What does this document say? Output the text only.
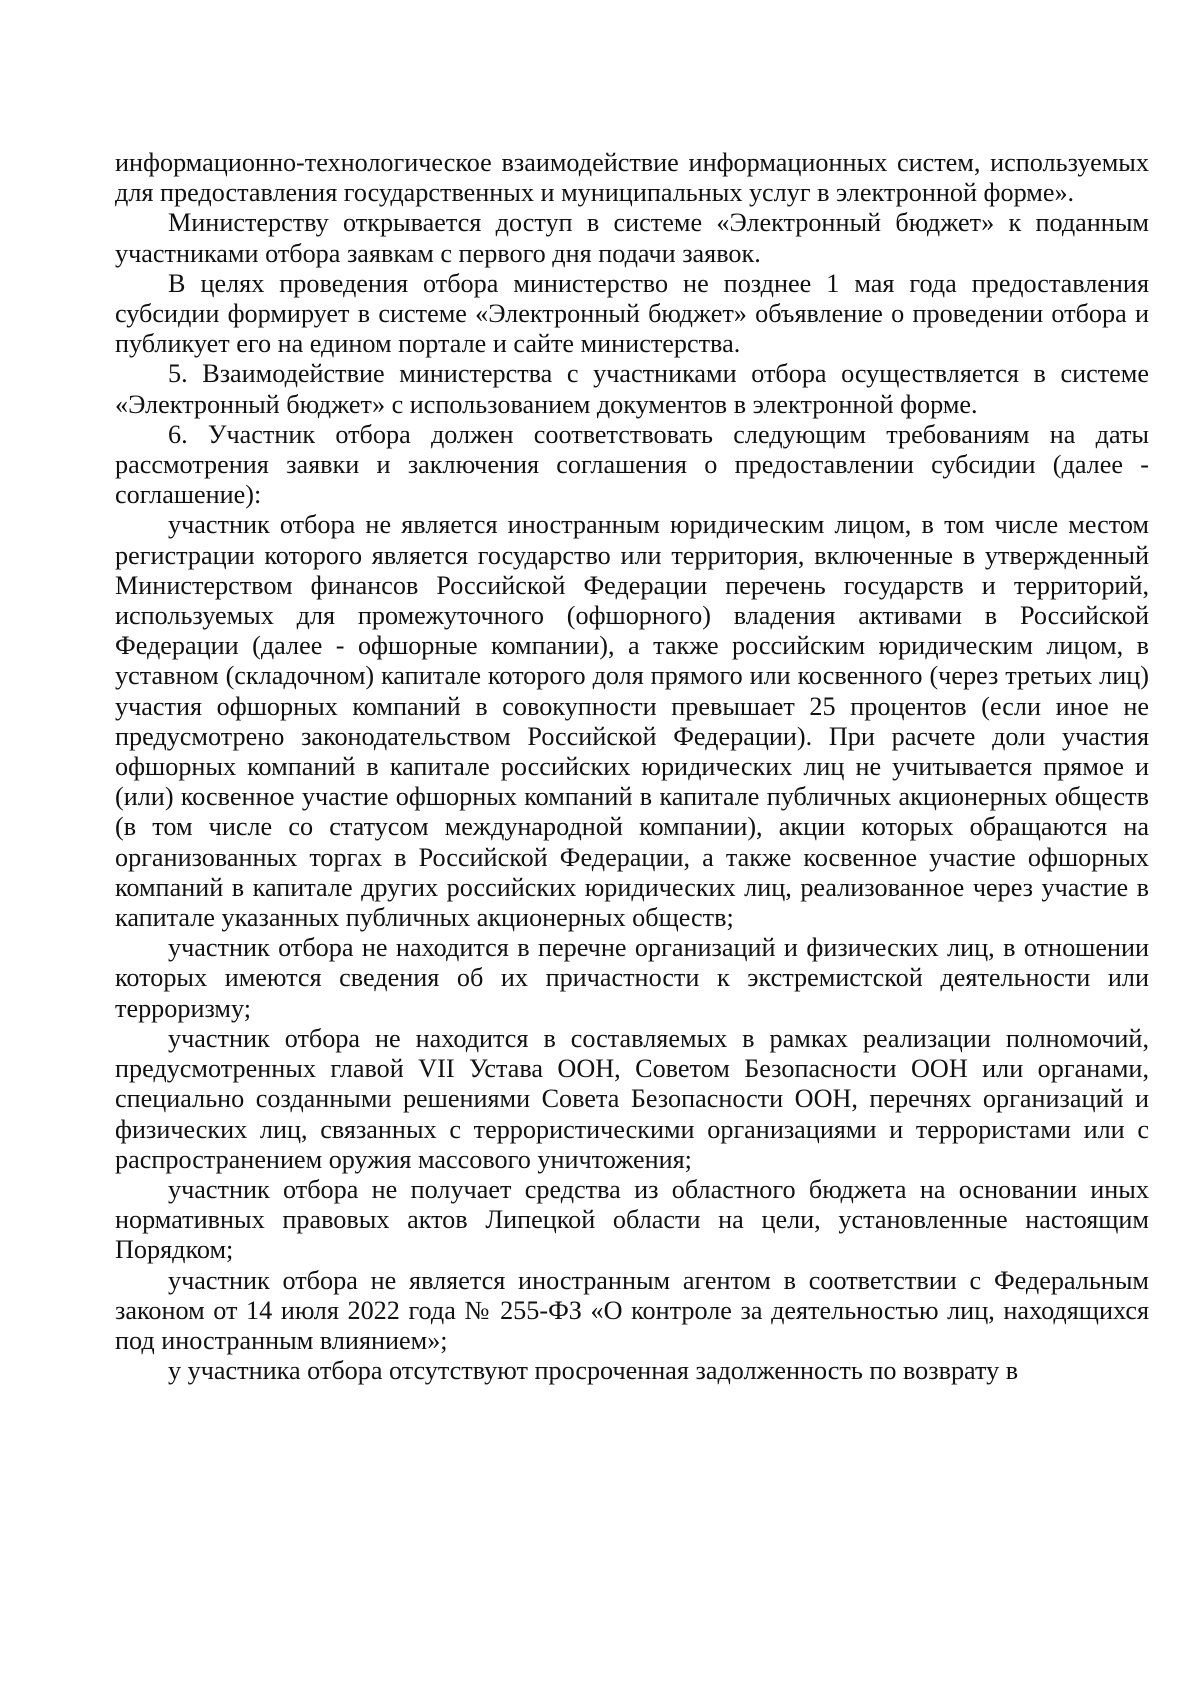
информационно-технологическое взаимодействие информационных систем, используемых для предоставления государственных и муниципальных услуг в электронной форме».

Министерству открывается доступ в системе «Электронный бюджет» к поданным участниками отбора заявкам с первого дня подачи заявок.

В целях проведения отбора министерство не позднее 1 мая года предоставления субсидии формирует в системе «Электронный бюджет» объявление о проведении отбора и публикует его на едином портале и сайте министерства.

5. Взаимодействие министерства с участниками отбора осуществляется в системе «Электронный бюджет» с использованием документов в электронной форме.

6. Участник отбора должен соответствовать следующим требованиям на даты рассмотрения заявки и заключения соглашения о предоставлении субсидии (далее - соглашение):

участник отбора не является иностранным юридическим лицом, в том числе местом регистрации которого является государство или территория, включенные в утвержденный Министерством финансов Российской Федерации перечень государств и территорий, используемых для промежуточного (офшорного) владения активами в Российской Федерации (далее - офшорные компании), а также российским юридическим лицом, в уставном (складочном) капитале которого доля прямого или косвенного (через третьих лиц) участия офшорных компаний в совокупности превышает 25 процентов (если иное не предусмотрено законодательством Российской Федерации). При расчете доли участия офшорных компаний в капитале российских юридических лиц не учитывается прямое и (или) косвенное участие офшорных компаний в капитале публичных акционерных обществ (в том числе со статусом международной компании), акции которых обращаются на организованных торгах в Российской Федерации, а также косвенное участие офшорных компаний в капитале других российских юридических лиц, реализованное через участие в капитале указанных публичных акционерных обществ;

участник отбора не находится в перечне организаций и физических лиц, в отношении которых имеются сведения об их причастности к экстремистской деятельности или терроризму;

участник отбора не находится в составляемых в рамках реализации полномочий, предусмотренных главой VII Устава ООН, Советом Безопасности ООН или органами, специально созданными решениями Совета Безопасности ООН, перечнях организаций и физических лиц, связанных с террористическими организациями и террористами или с распространением оружия массового уничтожения;

участник отбора не получает средства из областного бюджета на основании иных нормативных правовых актов Липецкой области на цели, установленные настоящим Порядком;

участник отбора не является иностранным агентом в соответствии с Федеральным законом от 14 июля 2022 года № 255-ФЗ «О контроле за деятельностью лиц, находящихся под иностранным влиянием»;

у участника отбора отсутствуют просроченная задолженность по возврату в
